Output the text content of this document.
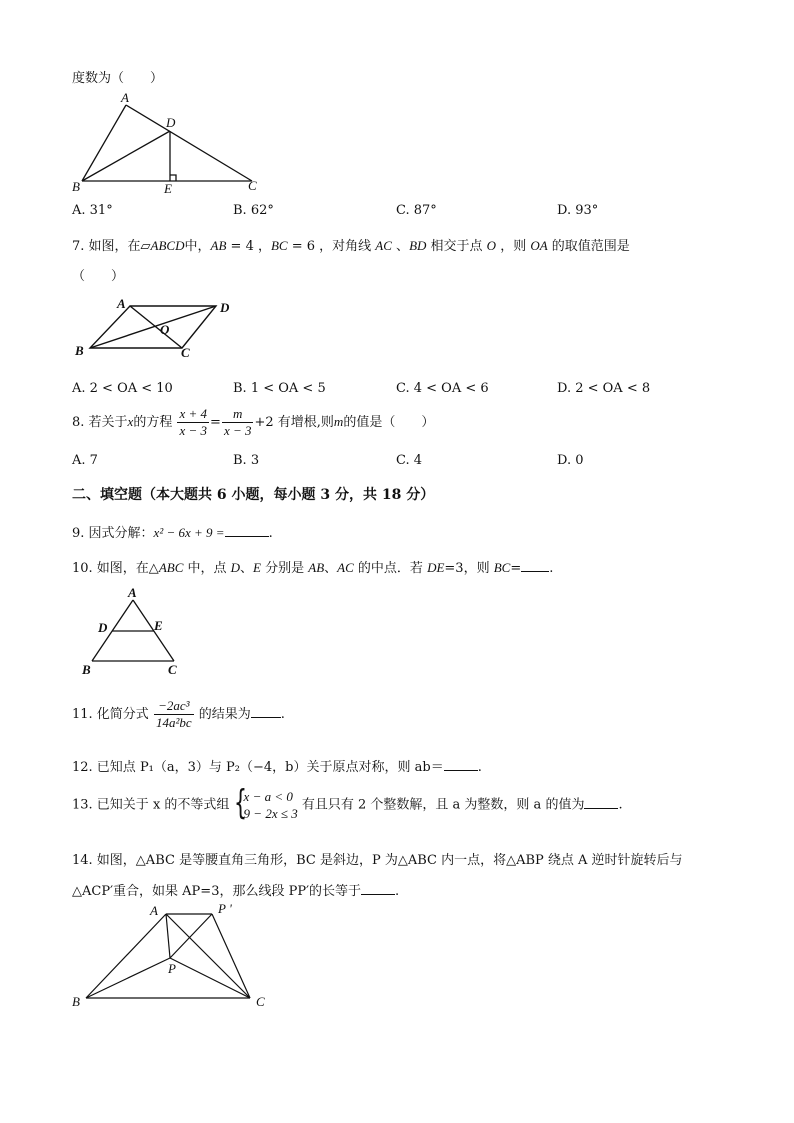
度数为（　　）
A
D
B	E	C
A. 31°	B. 62°	C. 87°	D. 93°
7. 如图，在▱ABCD中，AB = 4 ，BC = 6 ，对角线 AC 、BD 相交于点 O ，则 OA 的取值范围是
（　　）
A	D
O
B	C
A. 2 < OA < 10	B. 1 < OA < 5	C. 4 < OA < 6	D. 2 < OA < 8
8. 若关于x的方程 $\frac{x + 4}{x - 3} = \frac{m}{x - 3} +2$ 有增根,则m的值是（　　）
A. 7	B. 3	C. 4	D. 0
二、填空题（本大题共 6 小题，每小题 3 分，共 18 分）
9. 因式分解：x² − 6x + 9 =	.
10. 如图，在△ABC 中，点 D、E 分别是 AB、AC 的中点．若 DE=3，则 BC= .
A
D	E
B	C
11. 化简分式 $\frac{\text{−2ac³}}{\text{14a²bc}}$ 的结果为 .
12. 已知点 P₁（a，3）与 P₂（−4，b）关于原点对称，则 ab＝	.
13. 已知关于 x 的不等式组 {
x − a < 0
9 − 2x ≤ 3
有且只有 2 个整数解，且 a 为整数，则 a 的值为	.
14. 如图，△ABC 是等腰直角三角形，BC 是斜边，P 为△ABC 内一点，将△ABP 绕点 A 逆时针旋转后与
△ACP′重合，如果 AP=3，那么线段 PP′的长等于	.
A	P '
P
B	C
